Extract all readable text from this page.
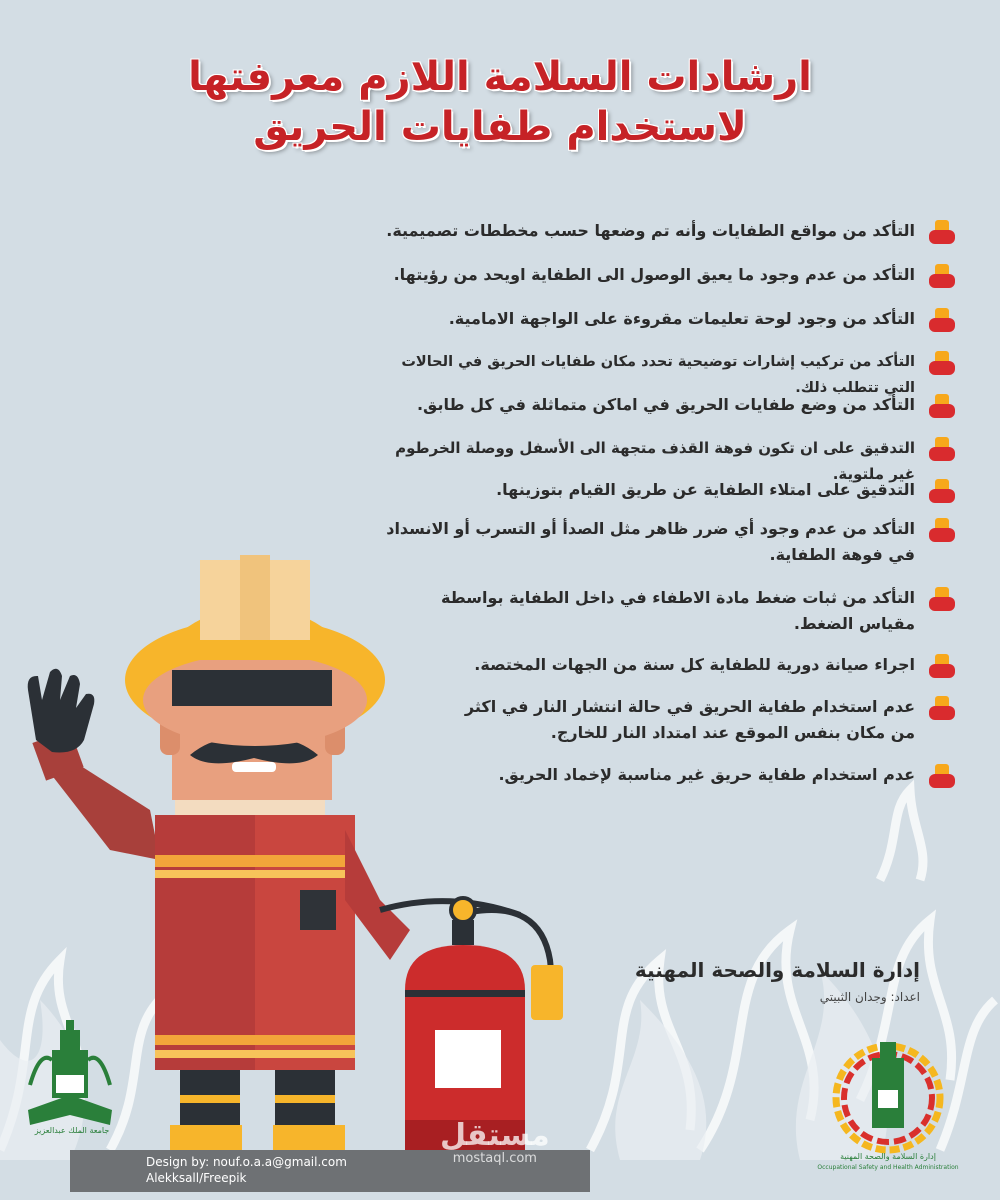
ارشادات السلامة اللازم معرفتها
لاستخدام طفايات الحريق
التأكد من مواقع الطفايات وأنه تم وضعها حسب مخططات تصميمية.
التأكد من عدم وجود ما يعيق الوصول الى الطفاية اويحد من رؤيتها.
التأكد من وجود لوحة تعليمات مقروءة على الواجهة الامامية.
التأكد من تركيب إشارات توضيحية تحدد مكان طفايات الحريق في الحالات التي تتطلب ذلك.
التأكد من وضع طفايات الحريق في اماكن متماثلة في كل طابق.
التدقيق على ان تكون فوهة القذف متجهة الى الأسفل ووصلة الخرطوم غير ملتوية.
التدقيق على امتلاء الطفاية عن طريق القيام بتوزينها.
التأكد من عدم وجود أي ضرر ظاهر مثل الصدأ أو التسرب أو الانسداد
في فوهة الطفاية.
التأكد من ثبات ضغط مادة الاطفاء في داخل الطفاية بواسطة
مقياس الضغط.
اجراء صيانة دورية للطفاية كل سنة من الجهات المختصة.
عدم استخدام طفاية الحريق في حالة انتشار النار في اكثر
من مكان بنفس الموقع عند امتداد النار للخارج.
عدم استخدام طفاية حريق غير مناسبة لإخماد الحريق.
إدارة السلامة والصحة المهنية
اعداد: وجدان الثبيتي
جامعة الملك عبدالعزيز
إدارة السلامة والصحة المهنية
Occupational Safety and Health Administration
Design by: nouf.o.a.a@gmail.com
Alekksall/Freepik
مستقل
mostaql.com
